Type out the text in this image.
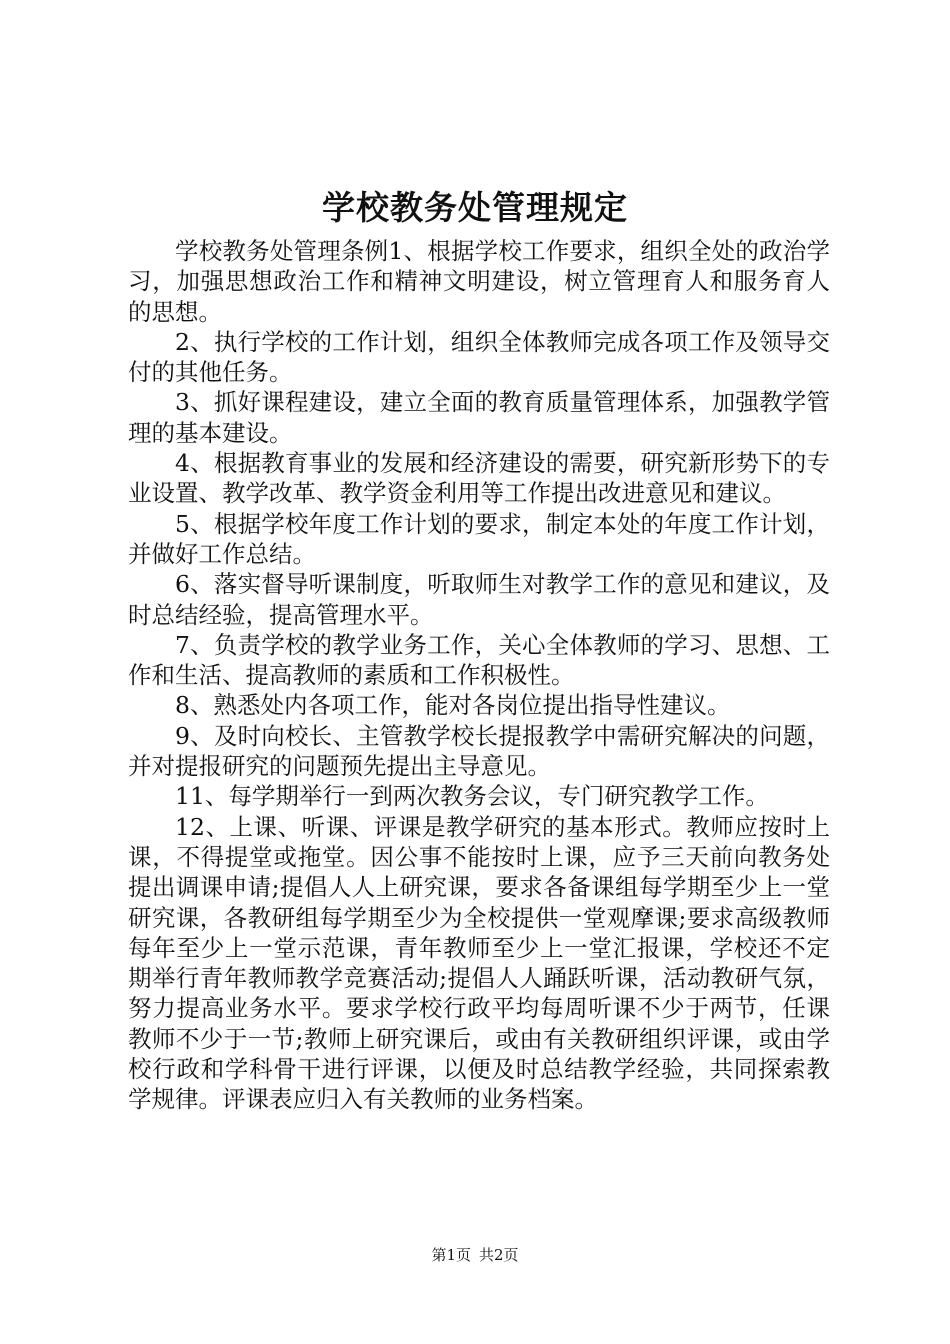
学校教务处管理规定

学校教务处管理条例1、根据学校工作要求，组织全处的政治学习，加强思想政治工作和精神文明建设，树立管理育人和服务育人的思想。

2、执行学校的工作计划，组织全体教师完成各项工作及领导交付的其他任务。

3、抓好课程建设，建立全面的教育质量管理体系，加强教学管理的基本建设。

4、根据教育事业的发展和经济建设的需要，研究新形势下的专业设置、教学改革、教学资金利用等工作提出改进意见和建议。

5、根据学校年度工作计划的要求，制定本处的年度工作计划，并做好工作总结。

6、落实督导听课制度，听取师生对教学工作的意见和建议，及时总结经验，提高管理水平。

7、负责学校的教学业务工作，关心全体教师的学习、思想、工作和生活、提高教师的素质和工作积极性。

8、熟悉处内各项工作，能对各岗位提出指导性建议。

9、及时向校长、主管教学校长提报教学中需研究解决的问题，并对提报研究的问题预先提出主导意见。

11、每学期举行一到两次教务会议，专门研究教学工作。

12、上课、听课、评课是教学研究的基本形式。教师应按时上课，不得提堂或拖堂。因公事不能按时上课，应予三天前向教务处提出调课申请;提倡人人上研究课，要求各备课组每学期至少上一堂研究课，各教研组每学期至少为全校提供一堂观摩课;要求高级教师每年至少上一堂示范课，青年教师至少上一堂汇报课，学校还不定期举行青年教师教学竞赛活动;提倡人人踊跃听课，活动教研气氛，努力提高业务水平。要求学校行政平均每周听课不少于两节，任课教师不少于一节;教师上研究课后，或由有关教研组织评课，或由学校行政和学科骨干进行评课，以便及时总结教学经验，共同探索教学规律。评课表应归入有关教师的业务档案。

第1页 共2页
